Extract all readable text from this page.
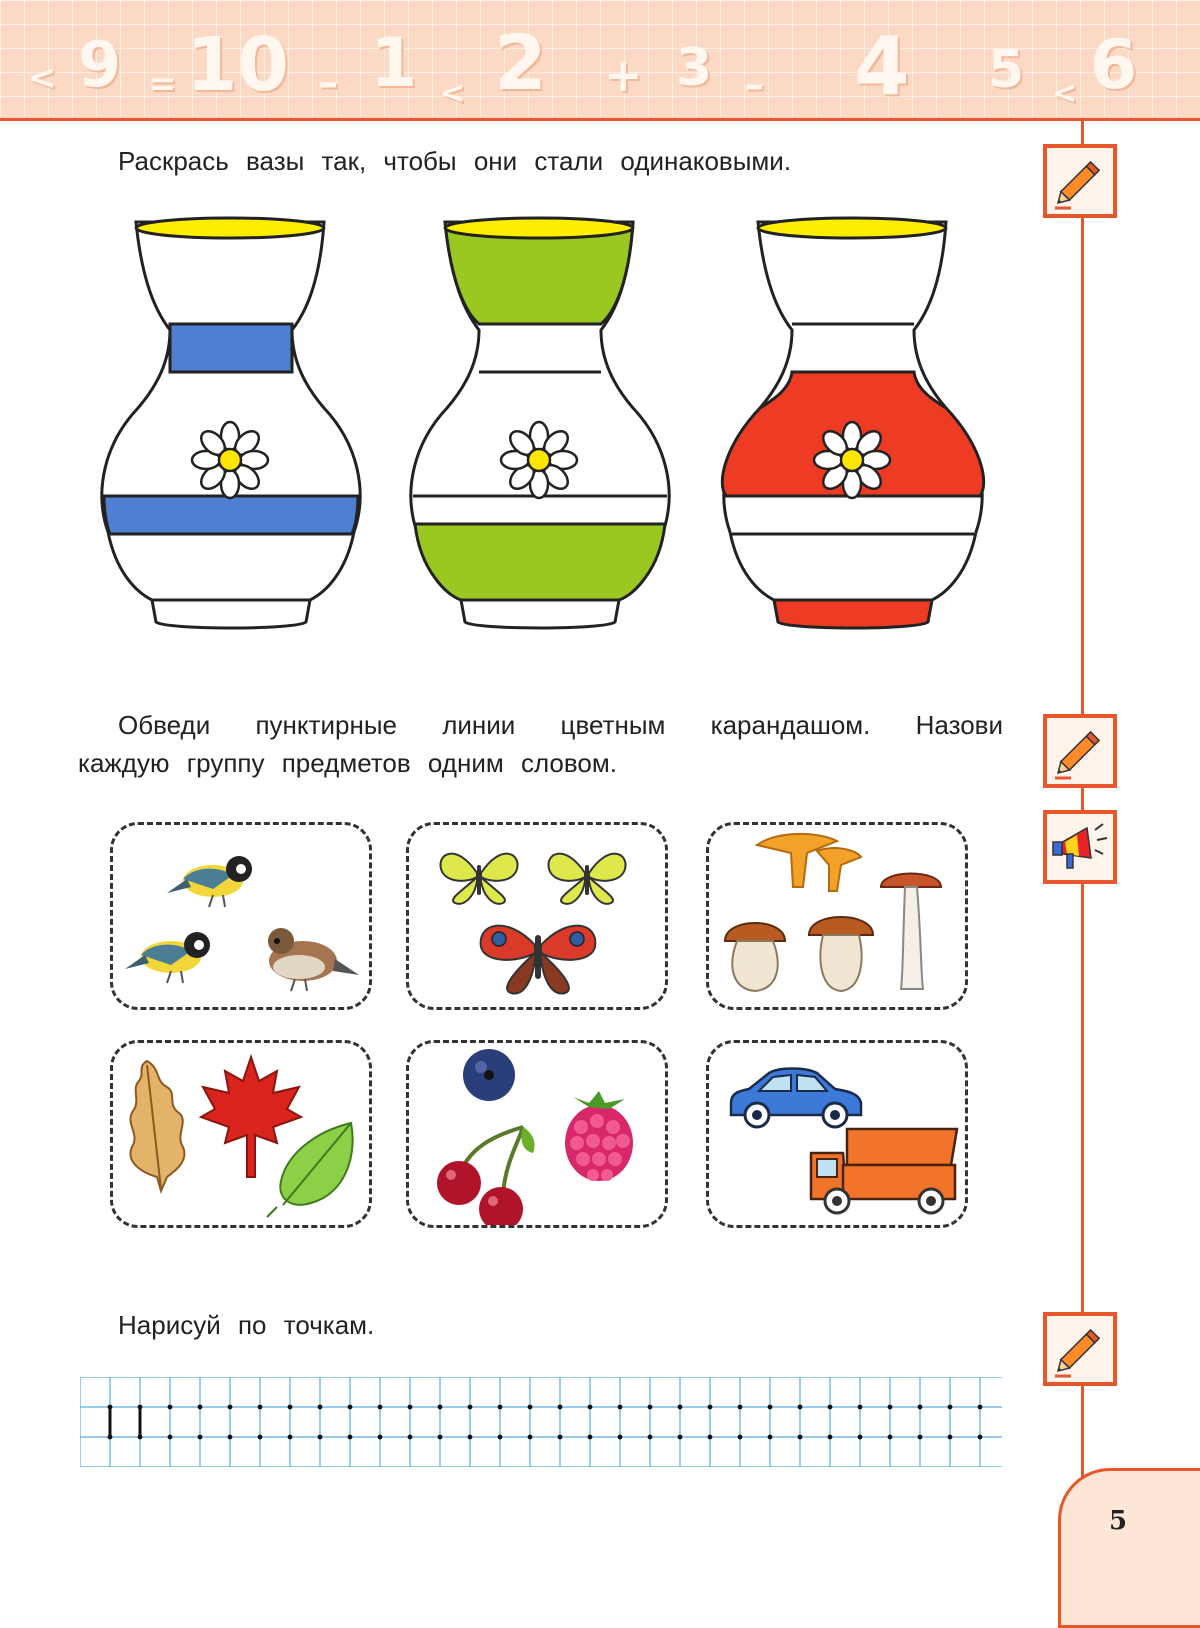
9 10 1 2 3 4 5 6
<	=	–	<	+	–	<
Раскрась вазы так, чтобы они стали одинаковыми.
Обведи пунктирные линии цветным карандашом. Назови
каждую группу предметов одним словом.
Нарисуй по точкам.
5
